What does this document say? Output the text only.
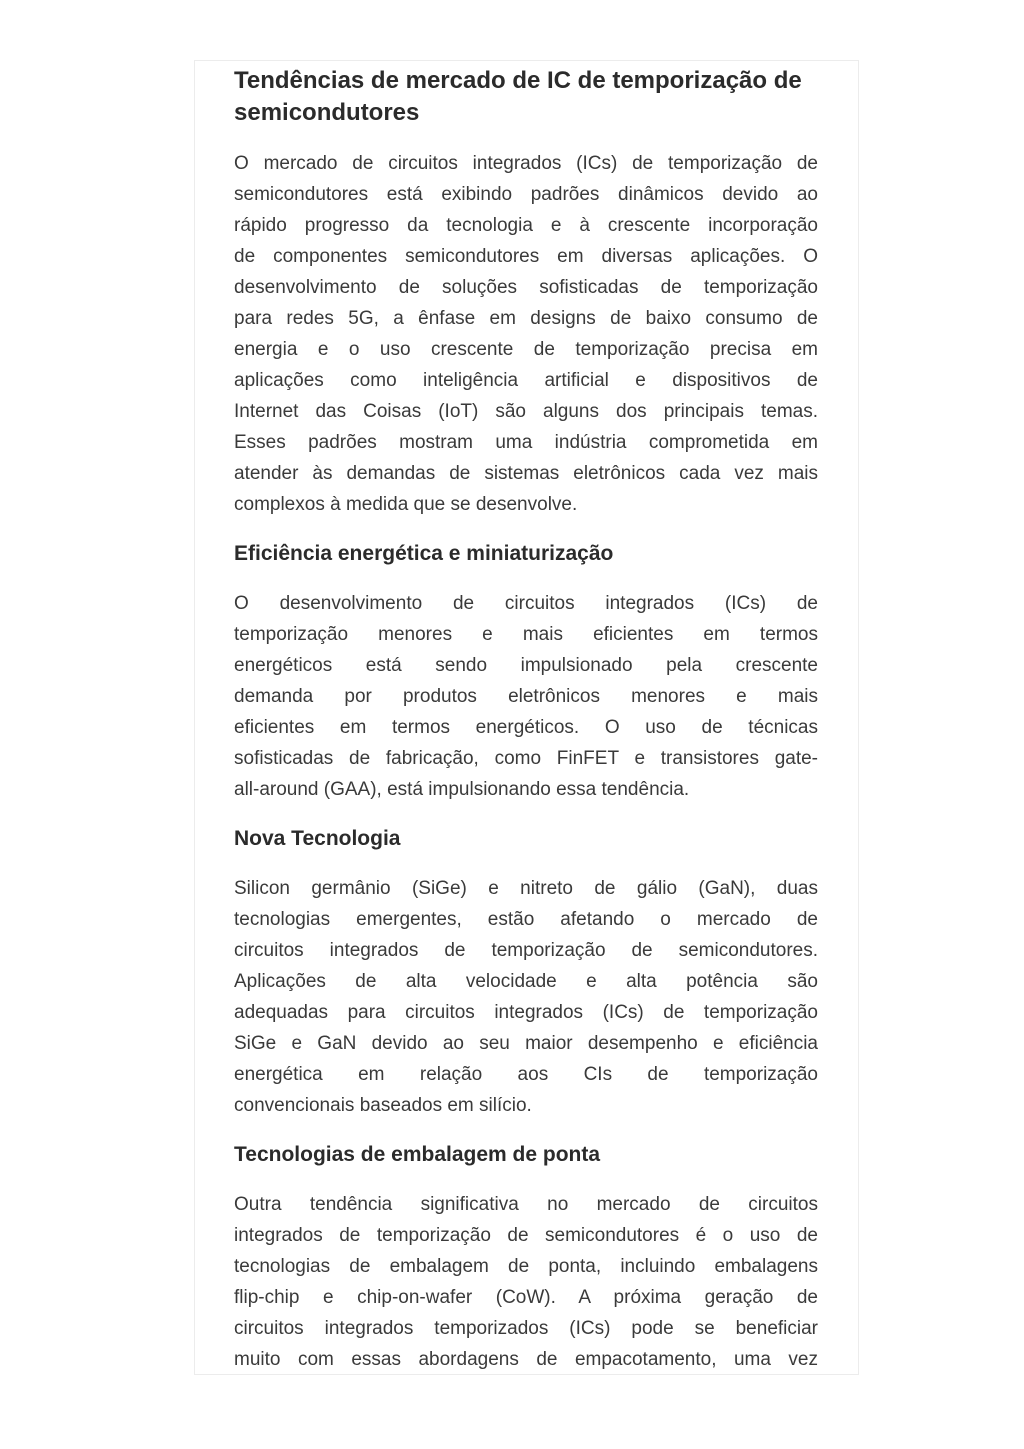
Tendências de mercado de IC de temporização de semicondutores
O mercado de circuitos integrados (ICs) de temporização de
semicondutores está exibindo padrões dinâmicos devido ao
rápido progresso da tecnologia e à crescente incorporação
de componentes semicondutores em diversas aplicações. O
desenvolvimento de soluções sofisticadas de temporização
para redes 5G, a ênfase em designs de baixo consumo de
energia e o uso crescente de temporização precisa em
aplicações como inteligência artificial e dispositivos de
Internet das Coisas (IoT) são alguns dos principais temas.
Esses padrões mostram uma indústria comprometida em
atender às demandas de sistemas eletrônicos cada vez mais
complexos à medida que se desenvolve.
Eficiência energética e miniaturização
O desenvolvimento de circuitos integrados (ICs) de
temporização menores e mais eficientes em termos
energéticos está sendo impulsionado pela crescente
demanda por produtos eletrônicos menores e mais
eficientes em termos energéticos. O uso de técnicas
sofisticadas de fabricação, como FinFET e transistores gate-
all-around (GAA), está impulsionando essa tendência.
Nova Tecnologia
Silicon germânio (SiGe) e nitreto de gálio (GaN), duas
tecnologias emergentes, estão afetando o mercado de
circuitos integrados de temporização de semicondutores.
Aplicações de alta velocidade e alta potência são
adequadas para circuitos integrados (ICs) de temporização
SiGe e GaN devido ao seu maior desempenho e eficiência
energética em relação aos CIs de temporização
convencionais baseados em silício.
Tecnologias de embalagem de ponta
Outra tendência significativa no mercado de circuitos
integrados de temporização de semicondutores é o uso de
tecnologias de embalagem de ponta, incluindo embalagens
flip-chip e chip-on-wafer (CoW). A próxima geração de
circuitos integrados temporizados (ICs) pode se beneficiar
muito com essas abordagens de empacotamento, uma vez
